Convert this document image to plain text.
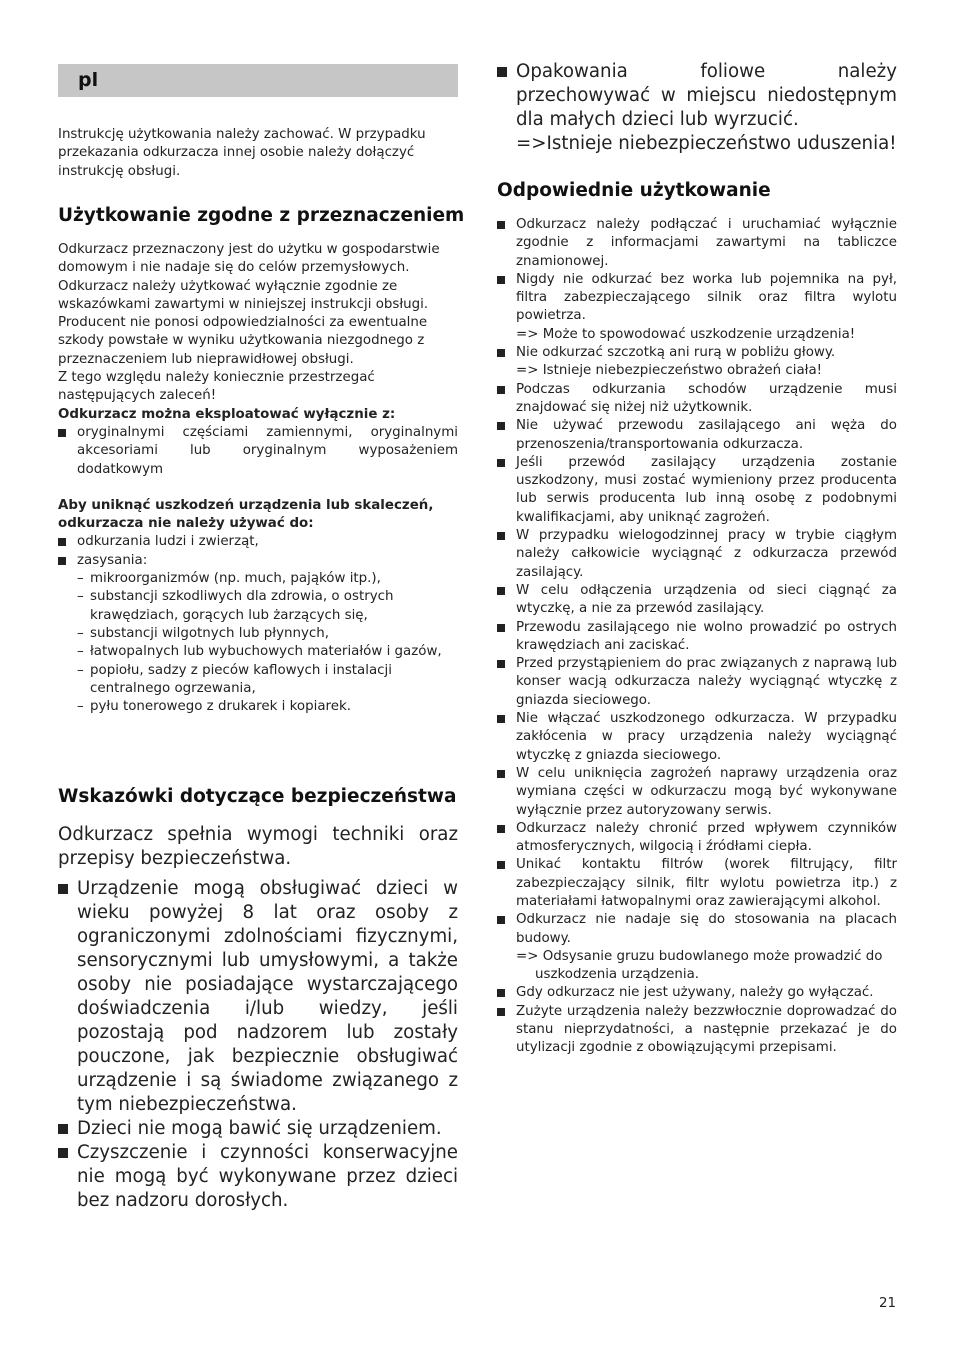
pl

Instrukcję użytkowania należy zachować. W przypadku przekazania odkurzacza innej osobie należy dołączyć instrukcję obsługi.

Użytkowanie zgodne z przeznaczeniem

Odkurzacz przeznaczony jest do użytku w gospodarstwie domowym i nie nadaje się do celów przemysłowych. Odkurzacz należy użytkować wyłącznie zgodnie ze wskazówkami zawartymi w niniejszej instrukcji obsługi. Producent nie ponosi odpowiedzialności za ewentualne szkody powstałe w wyniku użytkowania niezgodnego z przeznaczeniem lub nieprawidłowej obsługi.

Z tego względu należy koniecznie przestrzegać następujących zaleceń!

Odkurzacz można eksploatować wyłącznie z:

oryginalnymi częściami zamiennymi, oryginalnymi akcesoriami lub oryginalnym wyposażeniem dodatkowym

Aby uniknąć uszkodzeń urządzenia lub skaleczeń, odkurzacza nie należy używać do:

odkurzania ludzi i zwierząt,
zasysania:
– mikroorganizmów (np. much, pająków itp.),
– substancji szkodliwych dla zdrowia, o ostrych krawędziach, gorących lub żarzących się,
– substancji wilgotnych lub płynnych,
– łatwopalnych lub wybuchowych materiałów i gazów,
– popiołu, sadzy z pieców kaflowych i instalacji centralnego ogrzewania,
– pyłu tonerowego z drukarek i kopiarek.
Wskazówki dotyczące bezpieczeństwa

Odkurzacz spełnia wymogi techniki oraz przepisy bezpieczeństwa.

Urządzenie mogą obsługiwać dzieci w wieku powyżej 8 lat oraz osoby z ograniczonymi zdolnościami fizycznymi, sensorycznymi lub umysłowymi, a także osoby nie posiadające wystarczającego doświadczenia i/lub wiedzy, jeśli pozostają pod nadzorem lub zostały pouczone, jak bezpiecznie obsługiwać urządzenie i są świadome związanego z tym niebezpieczeństwa.
Dzieci nie mogą bawić się urządzeniem.
Czyszczenie i czynności konserwacyjne nie mogą być wykonywane przez dzieci bez nadzoru dorosłych.
Opakowania foliowe należy przechowywać w miejscu niedostępnym dla małych dzieci lub wyrzucić.

=>Istnieje niebezpieczeństwo uduszenia!

Odpowiednie użytkowanie
Odkurzacz należy podłączać i uruchamiać wyłącznie zgodnie z informacjami zawartymi na tabliczce znamionowej.
Nigdy nie odkurzać bez worka lub pojemnika na pył, filtra zabezpieczającego silnik oraz filtra wylotu powietrza.
=> Może to spowodować uszkodzenie urządzenia!
Nie odkurzać szczotką ani rurą w pobliżu głowy.
=> Istnieje niebezpieczeństwo obrażeń ciała!
Podczas odkurzania schodów urządzenie musi znajdować się niżej niż użytkownik.
Nie używać przewodu zasilającego ani węża do przenoszenia/transportowania odkurzacza.
Jeśli przewód zasilający urządzenia zostanie uszkodzony, musi zostać wymieniony przez producenta lub serwis producenta lub inną osobę z podobnymi kwalifikacjami, aby uniknąć zagrożeń.
W przypadku wielogodzinnej pracy w trybie ciągłym należy całkowicie wyciągnąć z odkurzacza przewód zasilający.
W celu odłączenia urządzenia od sieci ciągnąć za wtyczkę, a nie za przewód zasilający.
Przewodu zasilającego nie wolno prowadzić po ostrych krawędziach ani zaciskać.
Przed przystąpieniem do prac związanych z naprawą lub konser wacją odkurzacza należy wyciągnąć wtyczkę z gniazda sieciowego.
Nie włączać uszkodzonego odkurzacza. W przypadku zakłócenia w pracy urządzenia należy wyciągnąć wtyczkę z gniazda sieciowego.
W celu uniknięcia zagrożeń naprawy urządzenia oraz wymiana części w odkurzaczu mogą być wykonywane wyłącznie przez autoryzowany serwis.
Odkurzacz należy chronić przed wpływem czynników atmosferycznych, wilgocią i źródłami ciepła.
Unikać kontaktu filtrów (worek filtrujący, filtr zabezpieczający silnik, filtr wylotu powietrza itp.) z materiałami łatwopalnymi oraz zawierającymi alkohol.
Odkurzacz nie nadaje się do stosowania na placach budowy.
=> Odsysanie gruzu budowlanego może prowadzić do uszkodzenia urządzenia.
Gdy odkurzacz nie jest używany, należy go wyłączać.
Zużyte urządzenia należy bezzwłocznie doprowadzać do stanu nieprzydatności, a następnie przekazać je do utylizacji zgodnie z obowiązującymi przepisami.
21
